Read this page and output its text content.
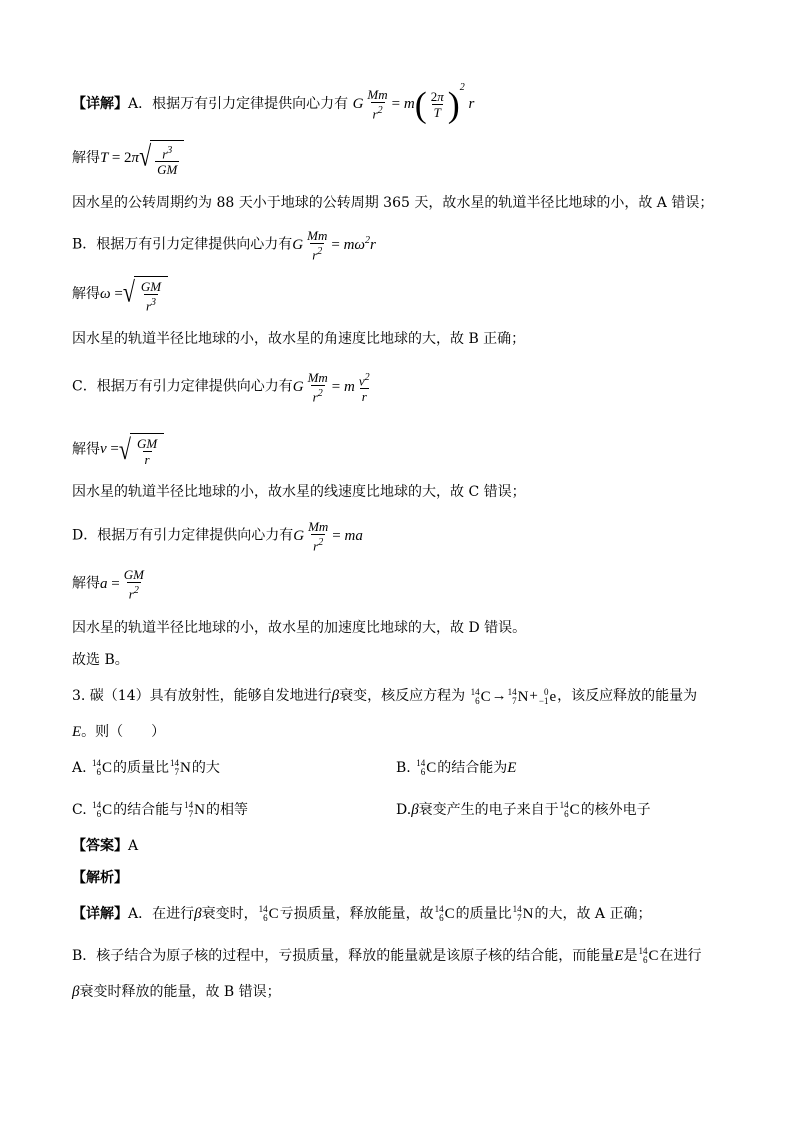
【详解】A．根据万有引力定律提供向心力有 G $\frac{Mm}{r^2} = m( \frac{2\pi}{T} )^2$ r
解得T = 2π √ $\frac{r^3}{GM}$
因水星的公转周期约为 88 天小于地球的公转周期 365 天，故水星的轨道半径比地球的小，故 A 错误；
B．根据万有引力定律提供向心力有G $\frac{Mm}{r^2} = m\omega^2r$
解得ω = √ $\frac{GM}{r^3}$
因水星的轨道半径比地球的小，故水星的角速度比地球的大，故 B 正确；
C．根据万有引力定律提供向心力有G $\frac{Mm}{r^2} = m \frac{v^2}{r}$
解得v = √ $\frac{GM}{r}$
因水星的轨道半径比地球的小，故水星的线速度比地球的大，故 C 错误；
D．根据万有引力定律提供向心力有G $\frac{Mm}{r^2}$ = ma
解得$a = \frac{GM}{r^2}$
因水星的轨道半径比地球的小，故水星的加速度比地球的大，故 D 错误。
故选 B。
3. 碳（14）具有放射性，能够自发地进行β衰变，核反应方程为 14
6 C → 14
7 N + 0
−1 e ，该反应释放的能量为
E。则（　　）
A. 14
6 C 的质量比 14
7 N 的大	B. 14
6 C 的结合能为E
C. 14
6 C 的结合能与 14
7 N 的相等	D.β衰变产生的电子来自于 14
6 C 的核外电子
【答案】A
【解析】
【详解】A．在进行β衰变时， 14
6 C 亏损质量，释放能量，故 14
6 C 的质量比 14
7 N 的大，故 A 正确；
B．核子结合为原子核的过程中，亏损质量，释放的能量就是该原子核的结合能，而能量E是 14
6 C 在进行
β衰变时释放的能量，故 B 错误；
